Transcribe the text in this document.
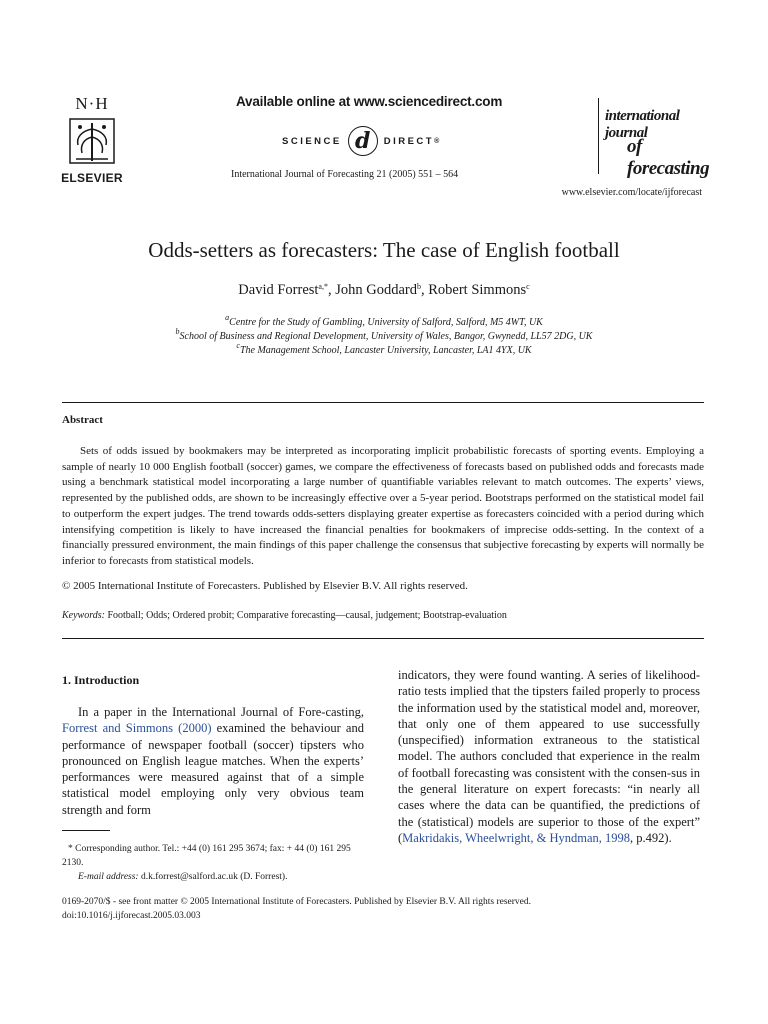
N·H
ELSEVIER
Available online at www.sciencedirect.com
SCIENCE d	DIRECT ®
International Journal of Forecasting 21 (2005) 551 – 564
international journal
of forecasting
www.elsevier.com/locate/ijforecast
Odds-setters as forecasters: The case of English football
David Forrest$^{a,*}$, John Goddard$^b$, Robert Simmons$^c$
$^a$Centre for the Study of Gambling, University of Salford, Salford, M5 4WT, UK
$^b$School of Business and Regional Development, University of Wales, Bangor, Gwynedd, LL57 2DG, UK
$^c$The Management School, Lancaster University, Lancaster, LA1 4YX, UK
Abstract
Sets of odds issued by bookmakers may be interpreted as incorporating implicit probabilistic forecasts of sporting events. Employing a sample of nearly 10 000 English football (soccer) games, we compare the effectiveness of forecasts based on published odds and forecasts made using a benchmark statistical model incorporating a large number of quantifiable variables relevant to match outcomes. The experts’ views, represented by the published odds, are shown to be increasingly effective over a 5-year period. Bootstraps performed on the statistical model fail to outperform the expert judges. The trend towards odds-setters displaying greater expertise as forecasters coincided with a period during which intensifying competition is likely to have increased the financial penalties for bookmakers of imprecise odds-setting. In the context of a financially pressured environment, the main findings of this paper challenge the consensus that subjective forecasting by experts will normally be inferior to forecasts from statistical models.
© 2005 International Institute of Forecasters. Published by Elsevier B.V. All rights reserved.
Keywords: Football; Odds; Ordered probit; Comparative forecasting—causal, judgement; Bootstrap-evaluation
1. Introduction
In a paper in the International Journal of Fore-casting, Forrest and Simmons (2000) examined the behaviour and performance of newspaper football (soccer) tipsters who pronounced on English league matches. When the experts’ performances were measured against that of a simple statistical model employing only very obvious team strength and form
indicators, they were found wanting. A series of likelihood-ratio tests implied that the tipsters failed properly to process the information used by the statistical model and, moreover, that only one of them appeared to use successfully (unspecified) information extraneous to the statistical model. The authors concluded that experience in the realm of football forecasting was consistent with the consen-sus in the general literature on expert forecasts: “in nearly all cases where the data can be quantified, the predictions of the (statistical) models are superior to those of the expert” (Makridakis, Wheelwright, & Hyndman, 1998, p.492).
* Corresponding author. Tel.: +44 (0) 161 295 3674; fax: + 44 (0) 161 295 2130.
E-mail address: d.k.forrest@salford.ac.uk (D. Forrest).
0169-2070/$ - see front matter © 2005 International Institute of Forecasters. Published by Elsevier B.V. All rights reserved.
doi:10.1016/j.ijforecast.2005.03.003
